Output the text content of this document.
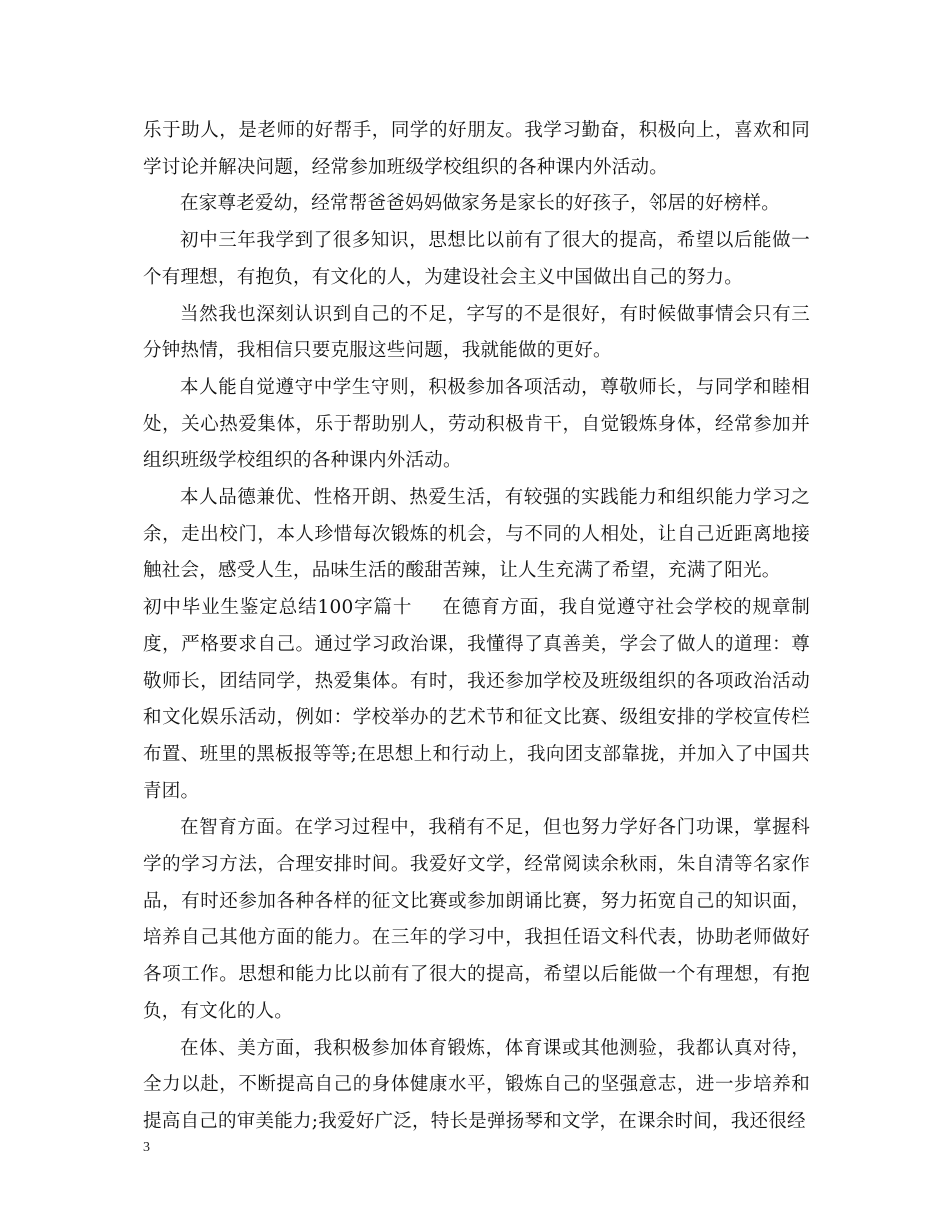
乐于助人，是老师的好帮手，同学的好朋友。我学习勤奋，积极向上，喜欢和同学讨论并解决问题，经常参加班级学校组织的各种课内外活动。

在家尊老爱幼，经常帮爸爸妈妈做家务是家长的好孩子，邻居的好榜样。

初中三年我学到了很多知识，思想比以前有了很大的提高，希望以后能做一个有理想，有抱负，有文化的人，为建设社会主义中国做出自己的努力。

当然我也深刻认识到自己的不足，字写的不是很好，有时候做事情会只有三分钟热情，我相信只要克服这些问题，我就能做的更好。

本人能自觉遵守中学生守则，积极参加各项活动，尊敬师长，与同学和睦相处，关心热爱集体，乐于帮助别人，劳动积极肯干，自觉锻炼身体，经常参加并组织班级学校组织的各种课内外活动。

本人品德兼优、性格开朗、热爱生活，有较强的实践能力和组织能力学习之余，走出校门，本人珍惜每次锻炼的机会，与不同的人相处，让自己近距离地接触社会，感受人生，品味生活的酸甜苦辣，让人生充满了希望，充满了阳光。

初中毕业生鉴定总结100字篇十 在德育方面，我自觉遵守社会学校的规章制度，严格要求自己。通过学习政治课，我懂得了真善美，学会了做人的道理：尊敬师长，团结同学，热爱集体。有时，我还参加学校及班级组织的各项政治活动和文化娱乐活动，例如：学校举办的艺术节和征文比赛、级组安排的学校宣传栏布置、班里的黑板报等等;在思想上和行动上，我向团支部靠拢，并加入了中国共青团。

在智育方面。在学习过程中，我稍有不足，但也努力学好各门功课，掌握科学的学习方法，合理安排时间。我爱好文学，经常阅读余秋雨，朱自清等名家作品，有时还参加各种各样的征文比赛或参加朗诵比赛，努力拓宽自己的知识面，培养自己其他方面的能力。在三年的学习中，我担任语文科代表，协助老师做好各项工作。思想和能力比以前有了很大的提高，希望以后能做一个有理想，有抱负，有文化的人。

在体、美方面，我积极参加体育锻炼，体育课或其他测验，我都认真对待，全力以赴，不断提高自己的身体健康水平，锻炼自己的坚强意志，进一步培养和提高自己的审美能力;我爱好广泛，特长是弹扬琴和文学，在课余时间，我还很经

3
